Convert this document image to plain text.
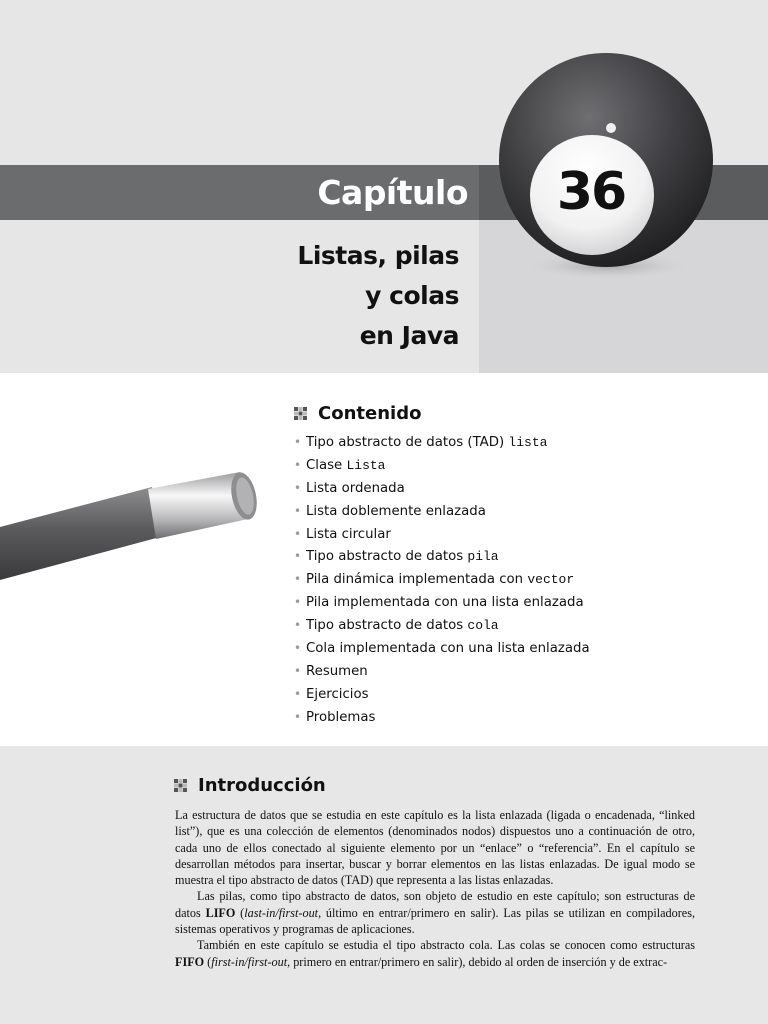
Capítulo	36
Listas, pilas
y colas
en Java
Contenido
• Tipo abstracto de datos (TAD) lista
• Clase Lista
• Lista ordenada
• Lista doblemente enlazada
• Lista circular
• Tipo abstracto de datos pila
• Pila dinámica implementada con vector
• Pila implementada con una lista enlazada
• Tipo abstracto de datos cola
• Cola implementada con una lista enlazada
• Resumen
• Ejercicios
• Problemas
Introducción

La estructura de datos que se estudia en este capítulo es la lista enlazada (ligada o encadenada, “linked list”), que es una colección de elementos (denominados nodos) dispuestos uno a continuación de otro, cada uno de ellos conectado al siguiente elemento por un “enlace” o “referencia”. En el capítulo se desarrollan métodos para insertar, buscar y borrar elementos en las listas enlazadas. De igual modo se muestra el tipo abstracto de datos (TAD) que representa a las listas enlazadas.

Las pilas, como tipo abstracto de datos, son objeto de estudio en este capítulo; son estructuras de datos LIFO (last-in/first-out, último en entrar/primero en salir). Las pilas se utilizan en compiladores, sistemas operativos y programas de aplicaciones.

También en este capítulo se estudia el tipo abstracto cola. Las colas se conocen como estructuras FIFO (first-in/first-out, primero en entrar/primero en salir), debido al orden de inserción y de extrac-
